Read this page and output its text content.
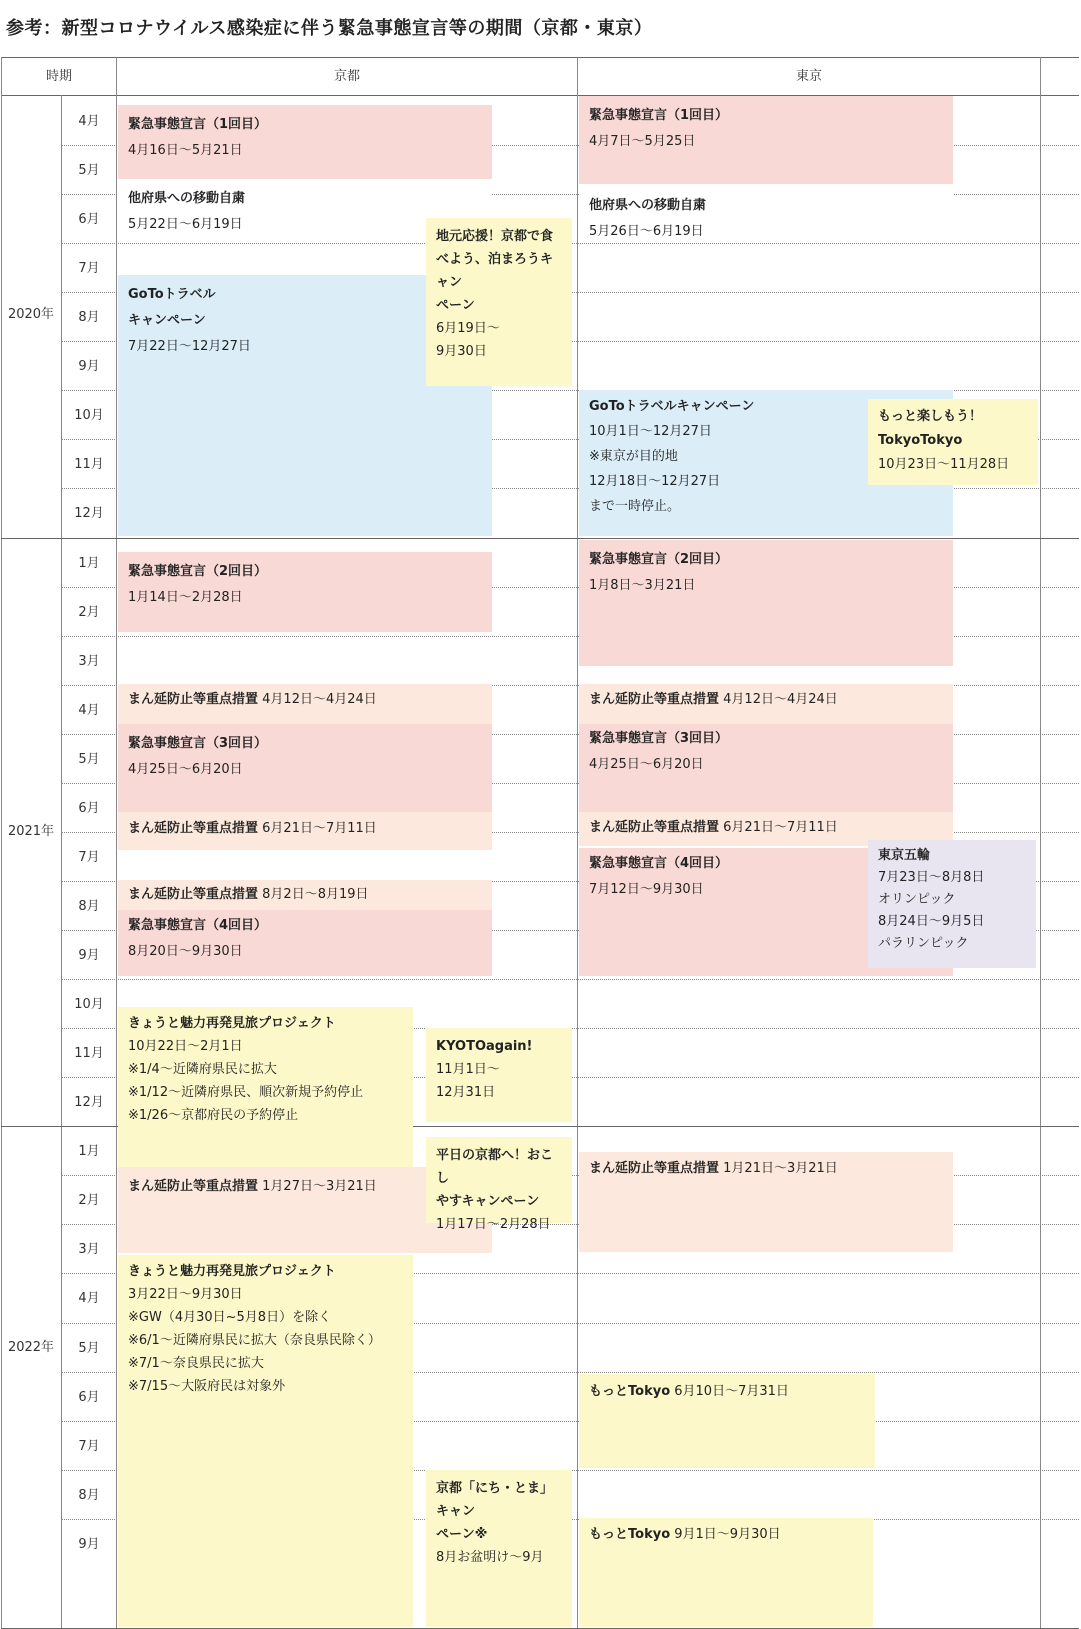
参考：新型コロナウイルス感染症に伴う緊急事態宣言等の期間（京都・東京）
時期	京都	東京
2020年
2021年
2022年
4月
5月
6月
7月
8月
9月
10月
11月
12月
1月
2月
3月
4月
5月
6月
7月
8月
9月
10月
11月
12月
1月
2月
3月
4月
5月
6月
7月
8月
9月
緊急事態宣言（1回目）
4月16日～5月21日
他府県への移動自粛
5月22日～6月19日
GoToトラベル
キャンペーン
7月22日～12月27日
地元応援！京都で食
べよう、泊まろうキャン
ペーン
6月19日～
9月30日
緊急事態宣言（2回目）
1月14日～2月28日
まん延防止等重点措置 4月12日～4月24日
緊急事態宣言（3回目）
4月25日～6月20日
まん延防止等重点措置 6月21日～7月11日
まん延防止等重点措置 8月2日～8月19日
緊急事態宣言（4回目）
8月20日～9月30日
きょうと魅力再発見旅プロジェクト
10月22日～2月1日
※1/4～近隣府県民に拡大
※1/12～近隣府県民、順次新規予約停止
※1/26～京都府民の予約停止
KYOTOagain!
11月1日～
12月31日
まん延防止等重点措置 1月27日～3月21日
平日の京都へ！おこし
やすキャンペーン
1月17日～2月28日
きょうと魅力再発見旅プロジェクト
3月22日～9月30日
※GW（4月30日~5月8日）を除く
※6/1～近隣府県民に拡大（奈良県民除く）
※7/1～奈良県民に拡大
※7/15～大阪府民は対象外
京都「にち・とま」キャン
ペーン※
8月お盆明け～9月
緊急事態宣言（1回目）
4月7日～5月25日
他府県への移動自粛
5月26日～6月19日
GoToトラベルキャンペーン
10月1日～12月27日
※東京が目的地
12月18日～12月27日
まで一時停止。
もっと楽しもう！
TokyoTokyo
10月23日～11月28日
緊急事態宣言（2回目）
1月8日～3月21日
まん延防止等重点措置 4月12日～4月24日
緊急事態宣言（3回目）
4月25日～6月20日
まん延防止等重点措置 6月21日～7月11日
緊急事態宣言（4回目）
7月12日～9月30日
東京五輪
7月23日～8月8日
オリンピック
8月24日～9月5日
パラリンピック
まん延防止等重点措置 1月21日～3月21日
もっとTokyo 6月10日～7月31日
もっとTokyo 9月1日～9月30日
